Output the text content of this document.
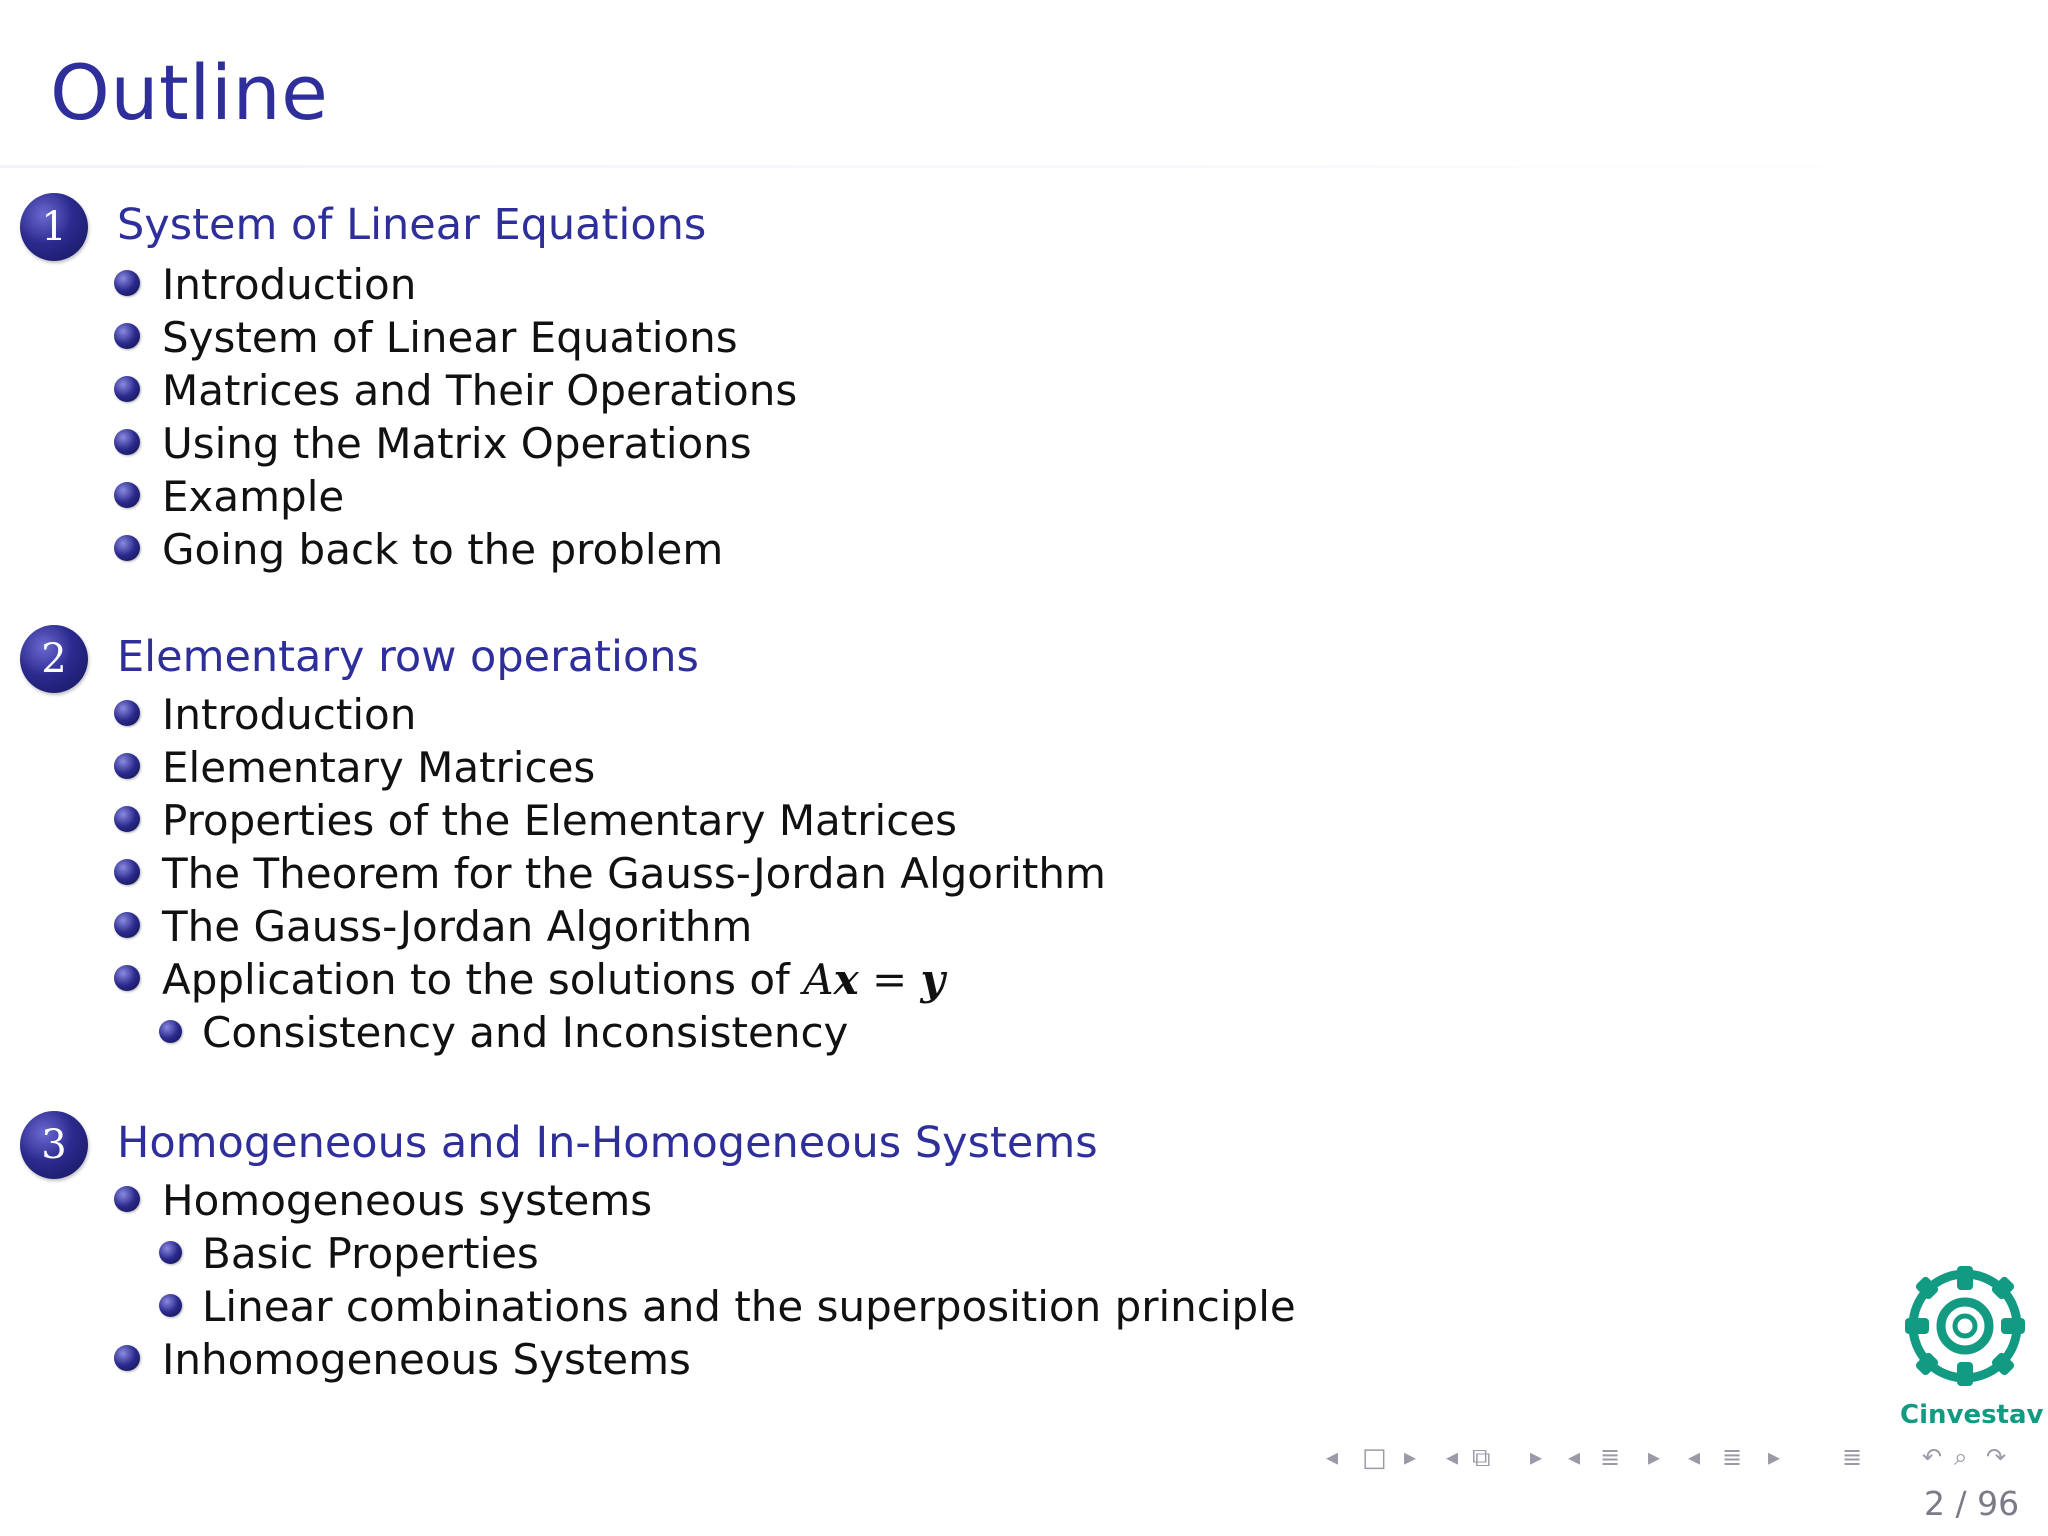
Outline
1	System of Linear Equations
Introduction
System of Linear Equations
Matrices and Their Operations
Using the Matrix Operations
Example
Going back to the problem
2	Elementary row operations
Introduction
Elementary Matrices
Properties of the Elementary Matrices
The Theorem for the Gauss-Jordan Algorithm
The Gauss-Jordan Algorithm
Application to the solutions of Ax = y
Consistency and Inconsistency
3	Homogeneous and In-Homogeneous Systems
Homogeneous systems
Basic Properties
Linear combinations and the superposition principle
Inhomogeneous Systems
Cinvestav
◂ □ ▸ ◂ ⧉ ▸ ◂ ≣ ▸ ◂ ≣ ▸	≣ ↶ ⌕ ↷
2 / 96
